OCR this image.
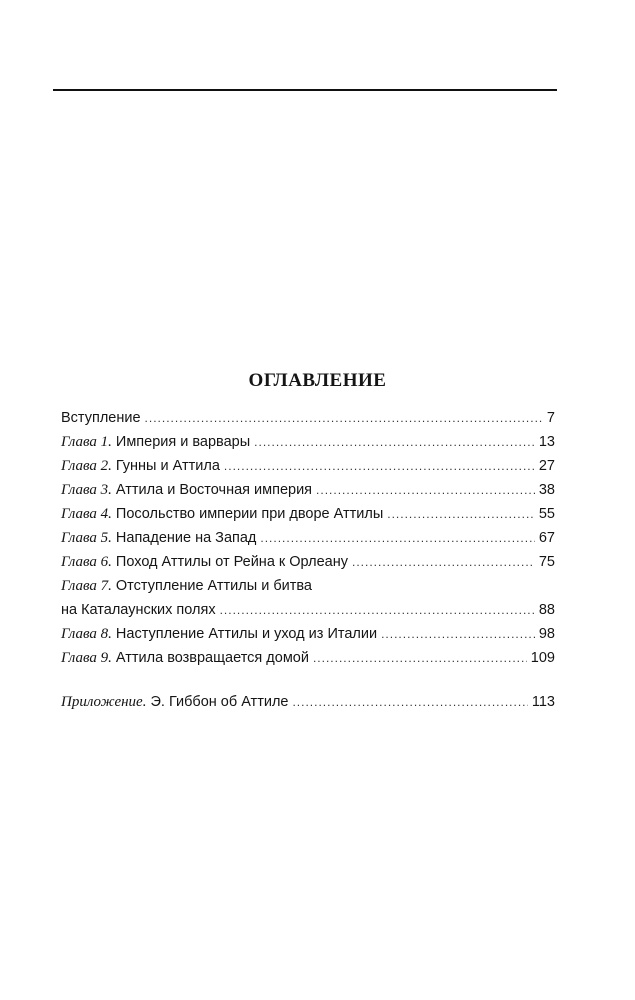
ОГЛАВЛЕНИЕ
Вступление .....	7
Глава 1. Империя и варвары .....	13
Глава 2. Гунны и Аттила .....	27
Глава 3. Аттила и Восточная империя .....	38
Глава 4. Посольство империи при дворе Аттилы .....	55
Глава 5. Нападение на Запад .....	67
Глава 6. Поход Аттилы от Рейна к Орлеану .....	75
Глава 7. Отступление Аттилы и битва
на Каталаунских полях .....	88
Глава 8. Наступление Аттилы и уход из Италии .....	98
Глава 9. Аттила возвращается домой .....	109
Приложение. Э. Гиббон об Аттиле .....	113
